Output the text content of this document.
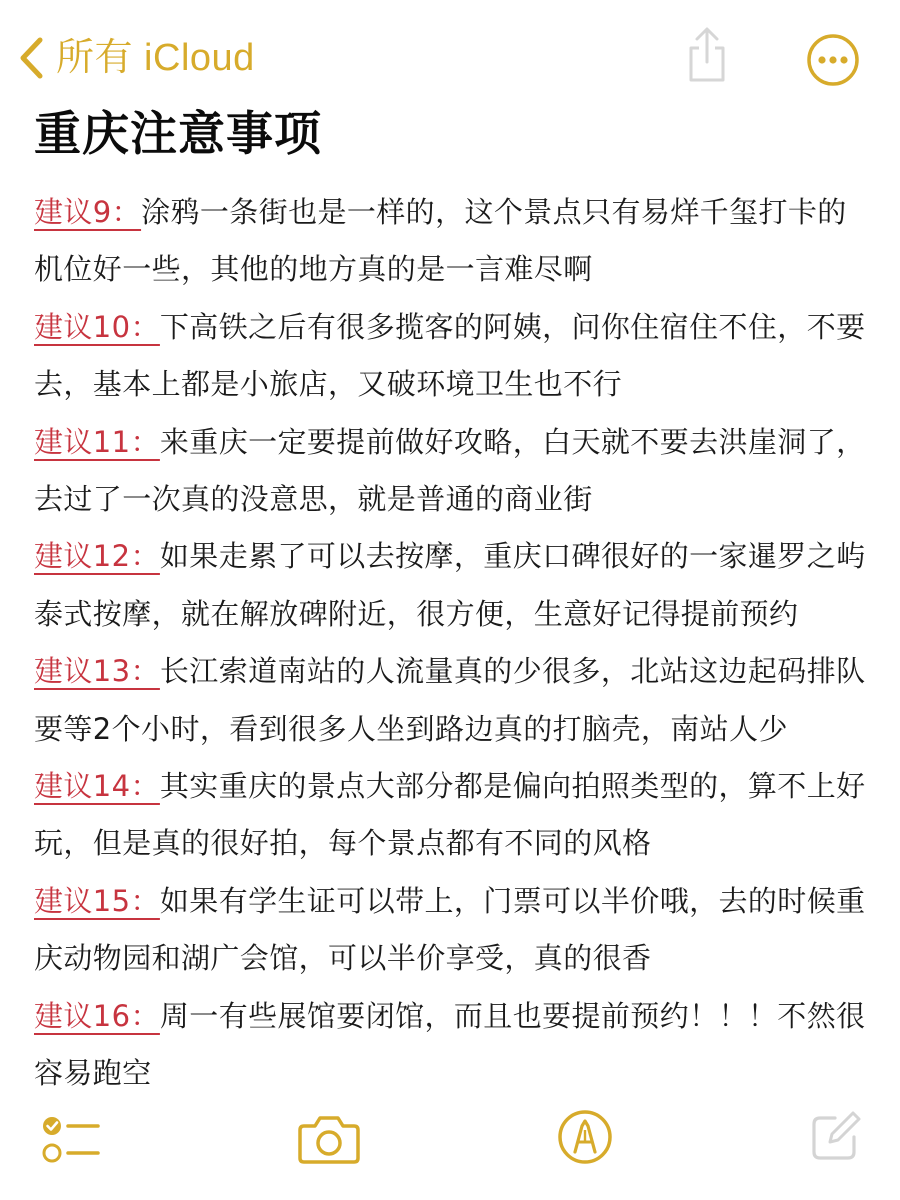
所有 iCloud
重庆注意事项
建议9：涂鸦一条街也是一样的，这个景点只有易烊千玺打卡的机位好一些，其他的地方真的是一言难尽啊
建议10：下高铁之后有很多揽客的阿姨，问你住宿住不住，不要去，基本上都是小旅店，又破环境卫生也不行
建议11：来重庆一定要提前做好攻略，白天就不要去洪崖洞了，去过了一次真的没意思，就是普通的商业街
建议12：如果走累了可以去按摩，重庆口碑很好的一家暹罗之屿泰式按摩，就在解放碑附近，很方便，生意好记得提前预约
建议13：长江索道南站的人流量真的少很多，北站这边起码排队要等2个小时，看到很多人坐到路边真的打脑壳，南站人少
建议14：其实重庆的景点大部分都是偏向拍照类型的，算不上好玩，但是真的很好拍，每个景点都有不同的风格
建议15：如果有学生证可以带上，门票可以半价哦，去的时候重庆动物园和湖广会馆，可以半价享受，真的很香
建议16：周一有些展馆要闭馆，而且也要提前预约！！！不然很容易跑空
